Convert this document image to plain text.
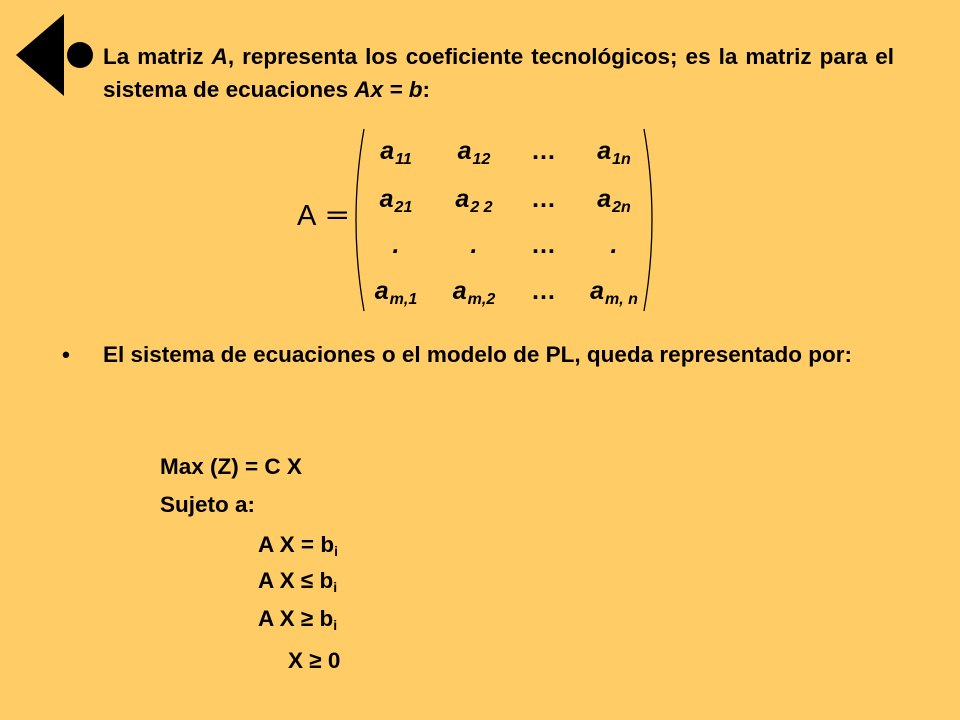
La matriz A, representa los coeficiente tecnológicos; es la matriz para el sistema de ecuaciones Ax = b:
A =
$a_{11}$	$a_{12}$	…	$a_{1n}$
$a_{21}$	$a_{2 2}$	…	$a_{2n}$
.	.	…	.
$a_{m,1}$	$a_{m,2}$	…	$a_{m, n}$
• El sistema de ecuaciones o el modelo de PL, queda representado por:
Max (Z) = C X
Sujeto a:
A $X = b_i$
A $X \le b_i$
A $X \ge b_i$
X ≥ 0
